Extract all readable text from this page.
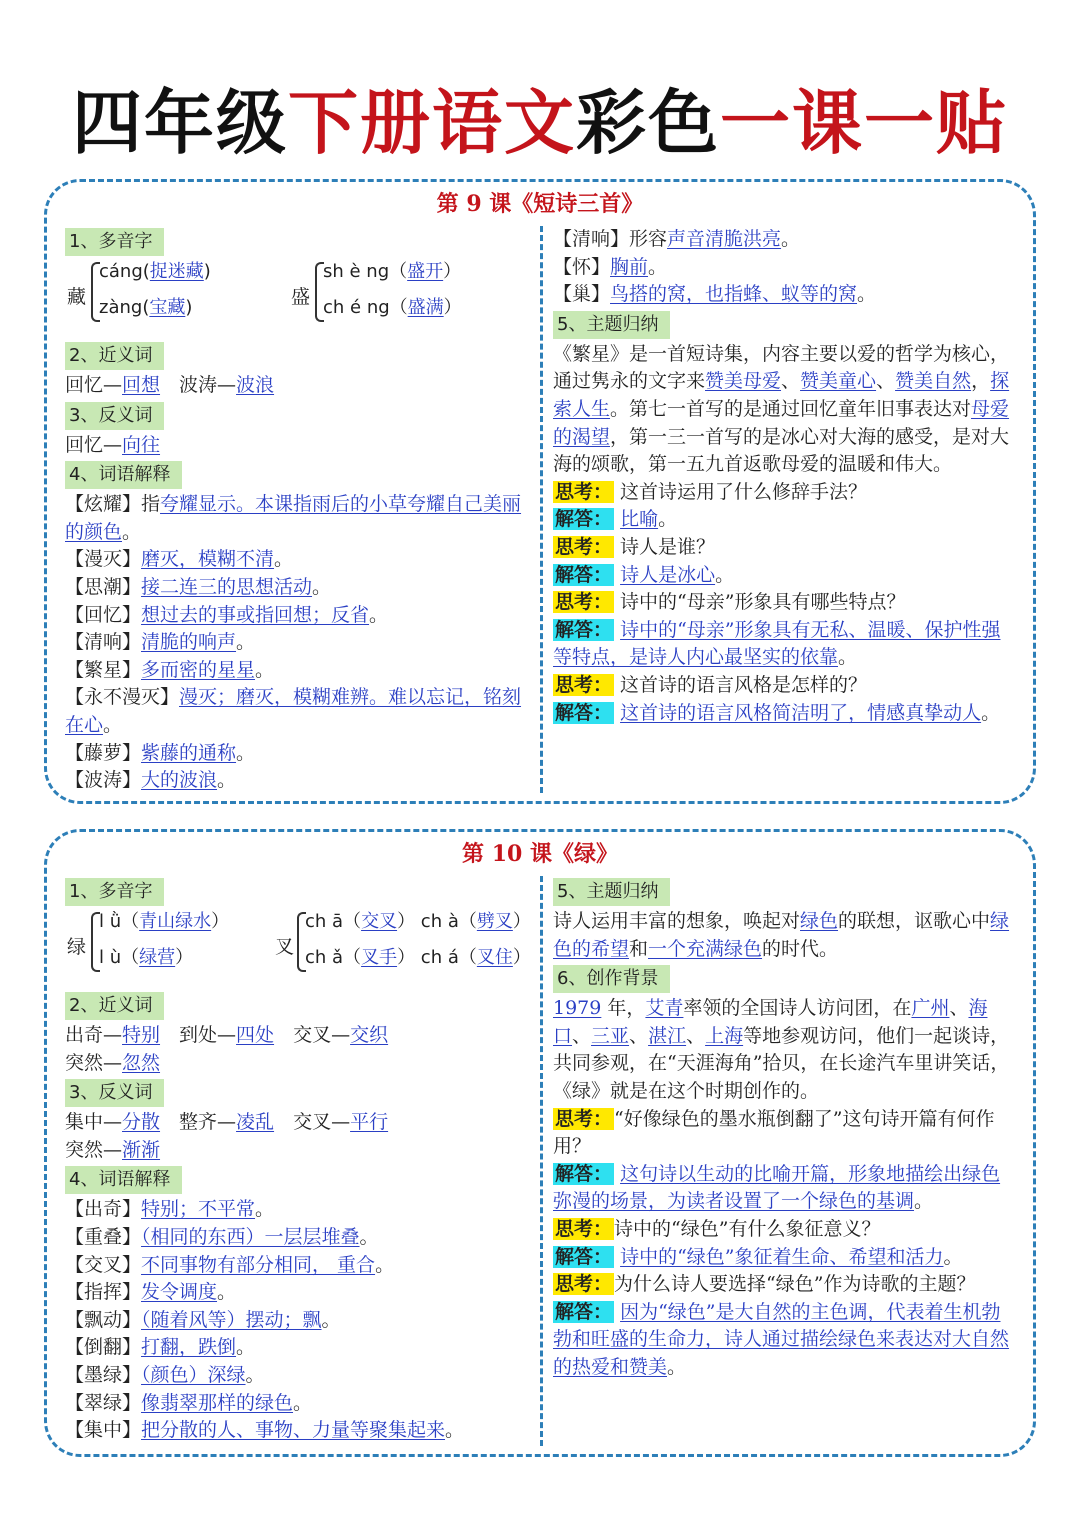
四年级下册语文彩色一课一贴
第 9 课《短诗三首》
1、多音字
藏
cáng(捉迷藏)
zàng(宝藏)	盛
sh è ng（盛开）
ch é ng（盛满）
2、近义词

回忆—回想  波涛—波浪

3、反义词

回忆—向往

4、词语解释

【炫耀】指夸耀显示。本课指雨后的小草夸耀自己美丽的颜色。

【漫灭】磨灭，模糊不清。

【思潮】接二连三的思想活动。

【回忆】想过去的事或指回想；反省。

【清响】清脆的响声。

【繁星】多而密的星星。

【永不漫灭】漫灭；磨灭，模糊难辨。难以忘记，铭刻在心。

【藤萝】紫藤的通称。

【波涛】大的波浪。

【清响】形容声音清脆洪亮。

【怀】胸前。

【巢】鸟搭的窝，也指蜂、蚁等的窝。

5、主题归纳

《繁星》是一首短诗集，内容主要以爱的哲学为核心，通过隽永的文字来赞美母爱、赞美童心、赞美自然，探索人生。第七一首写的是通过回忆童年旧事表达对母爱的渴望，第一三一首写的是冰心对大海的感受，是对大海的颂歌，第一五九首返歌母爱的温暖和伟大。

思考： 这首诗运用了什么修辞手法？

解答： 比喻。

思考： 诗人是谁？

解答： 诗人是冰心。

思考： 诗中的“母亲”形象具有哪些特点？

解答： 诗中的“母亲”形象具有无私、温暖、保护性强等特点，是诗人内心最坚实的依靠。

思考： 这首诗的语言风格是怎样的？

解答： 这首诗的语言风格简洁明了，情感真挚动人。

第 10 课《绿》
1、多音字
绿
l ǜ（青山绿水）
l ù（绿营）	叉
ch ā（交叉） ch à（劈叉）
ch ǎ（叉手） ch á（叉住）
2、近义词

出奇—特别  到处—四处  交叉—交织

突然—忽然

3、反义词

集中—分散  整齐—凌乱  交叉—平行

突然—渐渐

4、词语解释

【出奇】特别；不平常。

【重叠】（相同的东西）一层层堆叠。

【交叉】不同事物有部分相同， 重合。

【指挥】发令调度。

【飘动】（随着风等）摆动；飘。

【倒翻】打翻，跌倒。

【墨绿】（颜色）深绿。

【翠绿】像翡翠那样的绿色。

【集中】把分散的人、事物、力量等聚集起来。

5、主题归纳

诗人运用丰富的想象，唤起对绿色的联想，讴歌心中绿色的希望和一个充满绿色的时代。

6、创作背景

1979 年，艾青率领的全国诗人访问团，在广州、海口、三亚、湛江、上海等地参观访问，他们一起谈诗，共同参观，在“天涯海角”拾贝，在长途汽车里讲笑话，《绿》就是在这个时期创作的。

思考： “好像绿色的墨水瓶倒翻了”这句诗开篇有何作用？

解答： 这句诗以生动的比喻开篇，形象地描绘出绿色弥漫的场景，为读者设置了一个绿色的基调。

思考： 诗中的“绿色”有什么象征意义？

解答： 诗中的“绿色”象征着生命、希望和活力。

思考： 为什么诗人要选择“绿色”作为诗歌的主题？

解答： 因为“绿色”是大自然的主色调，代表着生机勃勃和旺盛的生命力，诗人通过描绘绿色来表达对大自然的热爱和赞美。
